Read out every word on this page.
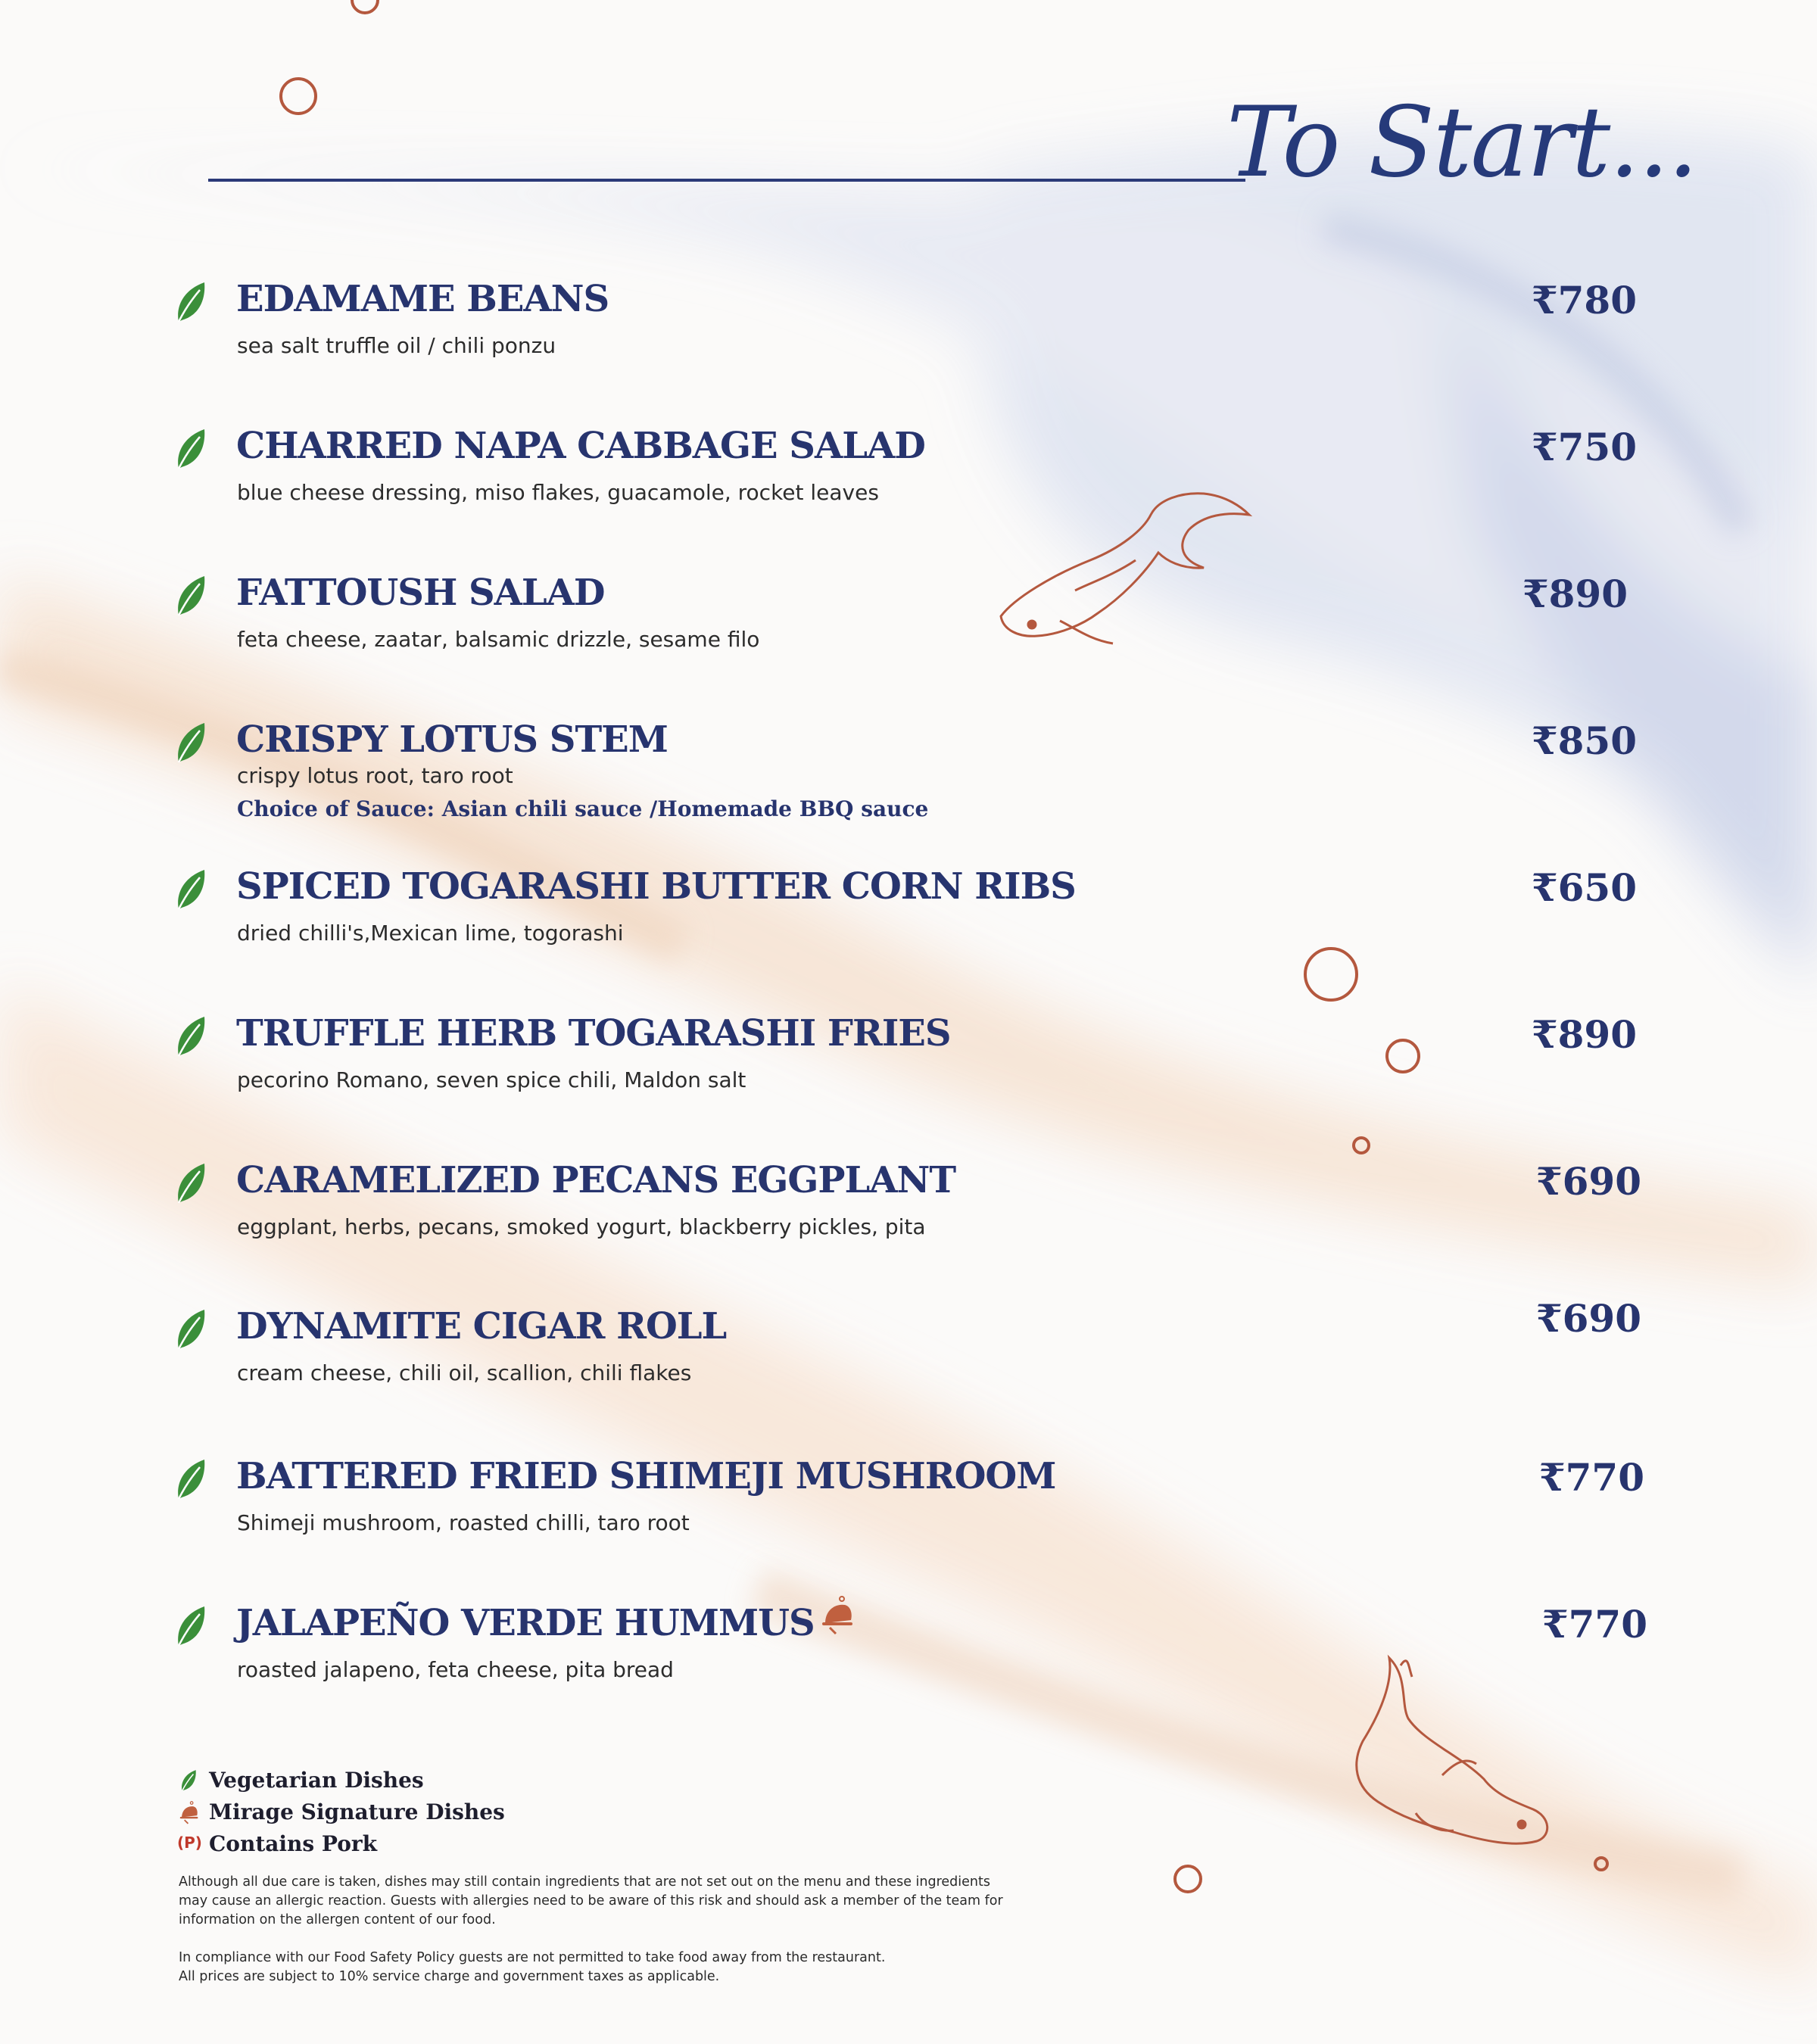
To Start...
EDAMAME BEANS
sea salt truffle oil / chili ponzu
₹780
CHARRED NAPA CABBAGE SALAD
blue cheese dressing, miso flakes, guacamole, rocket leaves
₹750
FATTOUSH SALAD
feta cheese, zaatar, balsamic drizzle, sesame filo
₹890
CRISPY LOTUS STEM
crispy lotus root, taro root
Choice of Sauce: Asian chili sauce /Homemade BBQ sauce
₹850
SPICED TOGARASHI BUTTER CORN RIBS
dried chilli's,Mexican lime, togorashi
₹650
TRUFFLE HERB TOGARASHI FRIES
pecorino Romano, seven spice chili, Maldon salt
₹890
CARAMELIZED PECANS EGGPLANT
eggplant, herbs, pecans, smoked yogurt, blackberry pickles, pita
₹690
DYNAMITE CIGAR ROLL
cream cheese, chili oil, scallion, chili flakes
₹690
BATTERED FRIED SHIMEJI MUSHROOM
Shimeji mushroom, roasted chilli, taro root
₹770
JALAPEÑO VERDE HUMMUS
roasted jalapeno, feta cheese, pita bread
₹770
Vegetarian Dishes
Mirage Signature Dishes
(P) Contains Pork

Although all due care is taken, dishes may still contain ingredients that are not set out on the menu and these ingredients may cause an allergic reaction. Guests with allergies need to be aware of this risk and should ask a member of the team for information on the allergen content of our food.

In compliance with our Food Safety Policy guests are not permitted to take food away from the restaurant.

All prices are subject to 10% service charge and government taxes as applicable.
